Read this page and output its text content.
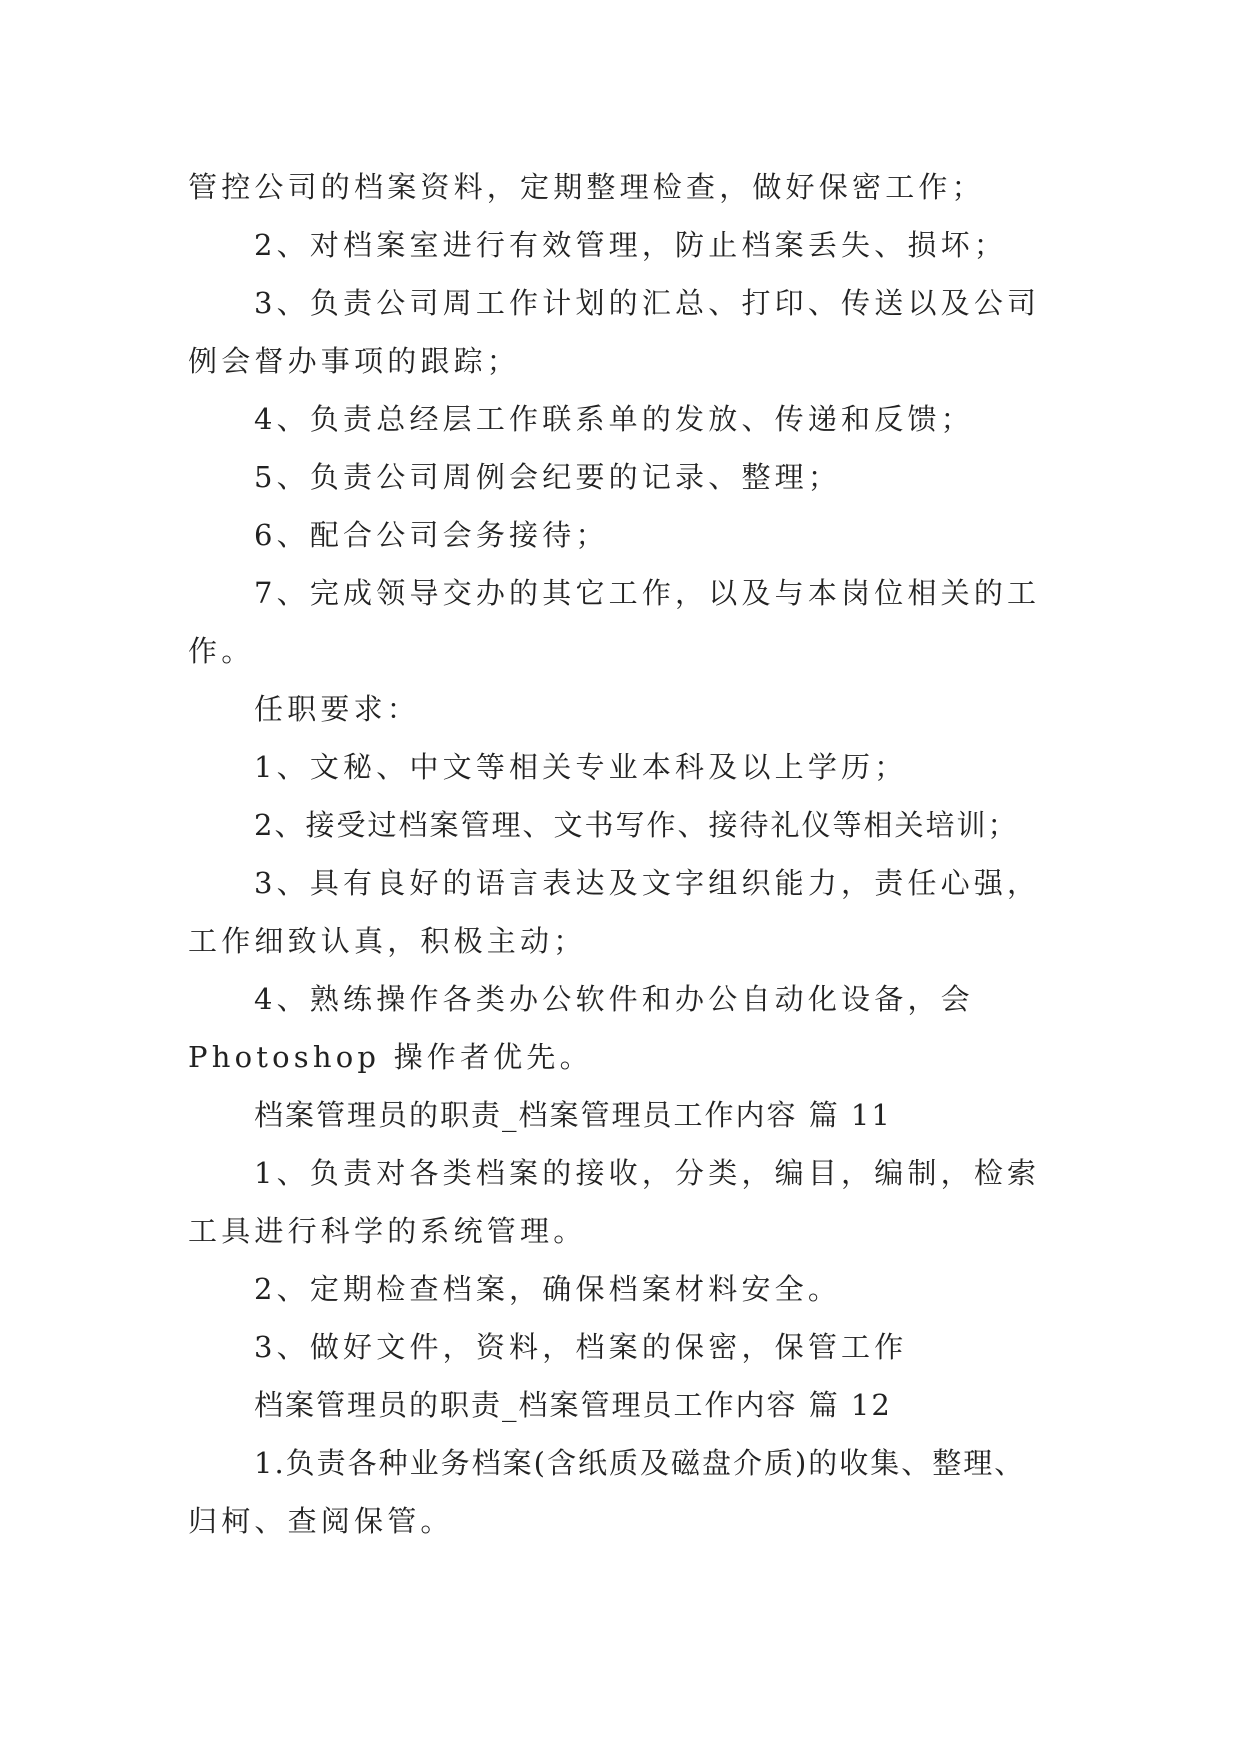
管控公司的档案资料，定期整理检查，做好保密工作；
2、对档案室进行有效管理，防止档案丢失、损坏；
3、负责公司周工作计划的汇总、打印、传送以及公司
例会督办事项的跟踪；
4、负责总经层工作联系单的发放、传递和反馈；
5、负责公司周例会纪要的记录、整理；
6、配合公司会务接待；
7、完成领导交办的其它工作，以及与本岗位相关的工
作。
任职要求：
1、文秘、中文等相关专业本科及以上学历；
2、接受过档案管理、文书写作、接待礼仪等相关培训；
3、具有良好的语言表达及文字组织能力，责任心强，
工作细致认真，积极主动；
4、熟练操作各类办公软件和办公自动化设备，会
Photoshop 操作者优先。
档案管理员的职责_档案管理员工作内容 篇 11
1、负责对各类档案的接收，分类，编目，编制，检索
工具进行科学的系统管理。
2、定期检查档案，确保档案材料安全。
3、做好文件，资料，档案的保密，保管工作
档案管理员的职责_档案管理员工作内容 篇 12
1.负责各种业务档案(含纸质及磁盘介质)的收集、整理、
归柯、查阅保管。
